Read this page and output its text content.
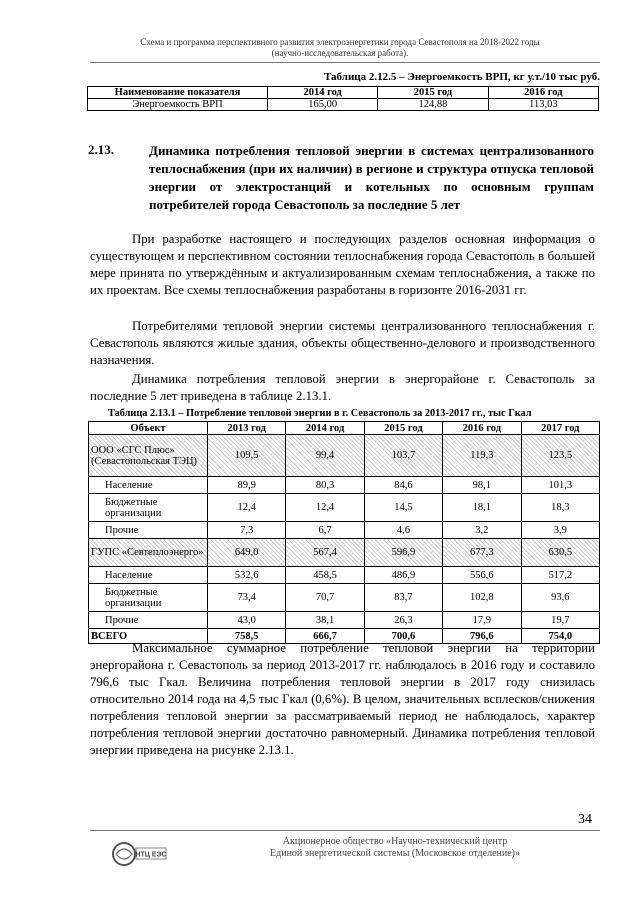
Схема и программа перспективного развития электроэнергетики города Севастополя на 2018-2022 годы
(научно-исследовательская работа).
Таблица 2.12.5 – Энергоемкость ВРП, кг у.т./10 тыс руб.
Наименование показателя	2014 год	2015 год	2016 год
Энергоемкость ВРП	165,00	124,88	113,03
2.13.	Динамика потребления тепловой энергии в системах централизованного теплоснабжения (при их наличии) в регионе и структура отпуска тепловой энергии от электростанций и котельных по основным группам потребителей города Севастополь за последние 5 лет
При разработке настоящего и последующих разделов основная информация о существующем и перспективном состоянии теплоснабжения города Севастополь в большей мере принята по утверждённым и актуализированным схемам теплоснабжения, а также по их проектам. Все схемы теплоснабжения разработаны в горизонте 2016-2031 гг.
Потребителями тепловой энергии системы централизованного теплоснабжения г. Севастополь являются жилые здания, объекты общественно-делового и производственного назначения.
Динамика потребления тепловой энергии в энергорайоне г. Севастополь за последние 5 лет приведена в таблице 2.13.1.
Таблица 2.13.1 – Потребление тепловой энергии в г. Севастополь за 2013-2017 гг., тыс Гкал
Объект	2013 год	2014 год	2015 год	2016 год	2017 год
ООО «СГС Плюс» (Севастопольская ТЭЦ)	109,5	99,4	103,7	119,3	123,5
Население	89,9	80,3	84,6	98,1	101,3
Бюджетные организации	12,4	12,4	14,5	18,1	18,3
Прочие	7,3	6,7	4,6	3,2	3,9
ГУПС «Севтеплоэнерго»	649,0	567,4	596,9	677,3	630,5
Население	532,6	458,5	486,9	556,6	517,2
Бюджетные организации	73,4	70,7	83,7	102,8	93,6
Прочие	43,0	38,1	26,3	17,9	19,7
ВСЕГО	758,5	666,7	700,6	796,6	754,0
Максимальное суммарное потребление тепловой энергии на территории энергорайона г. Севастополь за период 2013-2017 гг. наблюдалось в 2016 году и составило 796,6 тыс Гкал. Величина потребления тепловой энергии в 2017 году снизилась относительно 2014 года на 4,5 тыс Гкал (0,6%). В целом, значительных всплесков/снижения потребления тепловой энергии за рассматриваемый период не наблюдалось, характер потребления тепловой энергии достаточно равномерный. Динамика потребления тепловой энергии приведена на рисунке 2.13.1.
34
НТЦ ЕЭС
Акционерное общество «Научно-технический центр
Единой энергетической системы (Московское отделение)»
